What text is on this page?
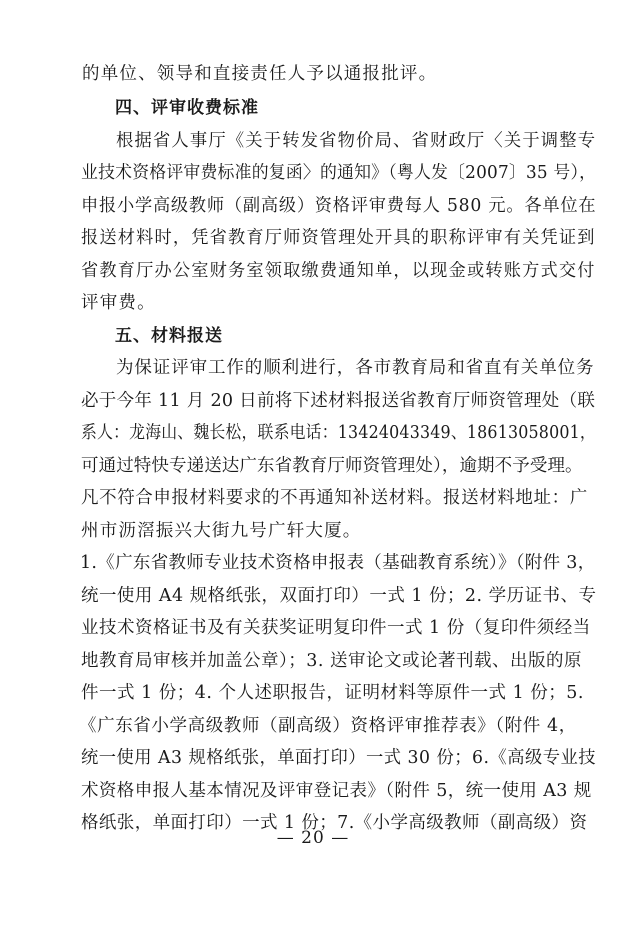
的单位、领导和直接责任人予以通报批评。
四、评审收费标准
根据省人事厅《关于转发省物价局、省财政厅〈关于调整专
业技术资格评审费标准的复函〉的通知》（粤人发〔2007〕35 号），
申报小学高级教师（副高级）资格评审费每人 580 元。各单位在
报送材料时，凭省教育厅师资管理处开具的职称评审有关凭证到
省教育厅办公室财务室领取缴费通知单，以现金或转账方式交付
评审费。
五、材料报送
为保证评审工作的顺利进行，各市教育局和省直有关单位务
必于今年 11 月 20 日前将下述材料报送省教育厅师资管理处（联
系人：龙海山、魏长松，联系电话：13424043349、18613058001，
可通过特快专递送达广东省教育厅师资管理处），逾期不予受理。
凡不符合申报材料要求的不再通知补送材料。报送材料地址：广
州市沥滘振兴大街九号广轩大厦。
1.《广东省教师专业技术资格申报表（基础教育系统）》（附件 3，
统一使用 A4 规格纸张，双面打印）一式 1 份；2. 学历证书、专
业技术资格证书及有关获奖证明复印件一式 1 份（复印件须经当
地教育局审核并加盖公章）；3. 送审论文或论著刊载、出版的原
件一式 1 份；4. 个人述职报告，证明材料等原件一式 1 份；5.
《广东省小学高级教师（副高级）资格评审推荐表》（附件 4，
统一使用 A3 规格纸张，单面打印）一式 30 份；6.《高级专业技
术资格申报人基本情况及评审登记表》（附件 5，统一使用 A3 规
格纸张，单面打印）一式 1 份；7.《小学高级教师（副高级）资
— 20 —
